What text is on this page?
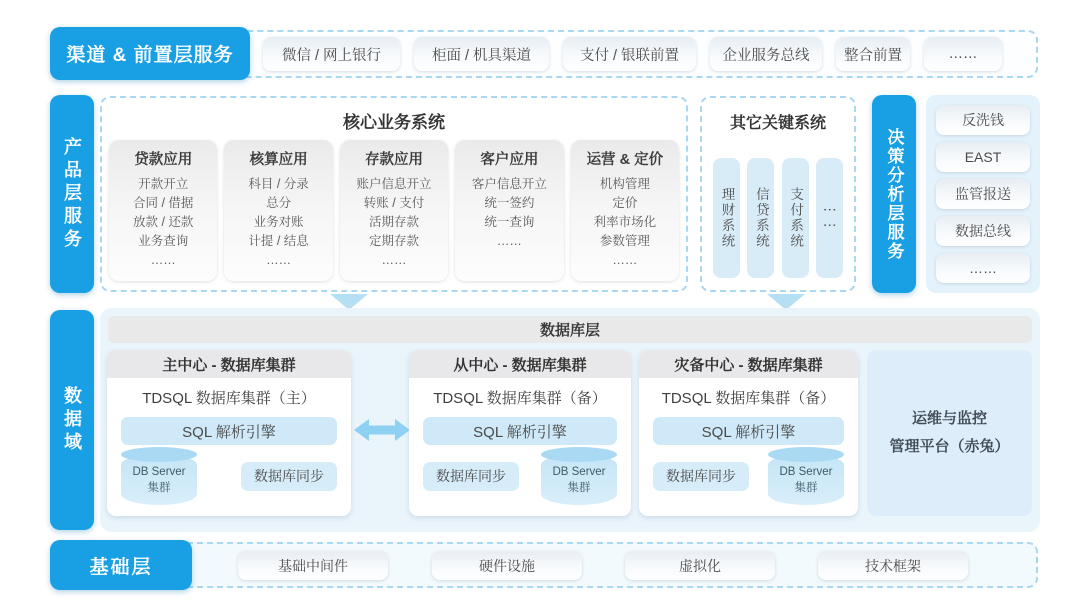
渠道 & 前置层服务	微信 / 网上银行	柜面 / 机具渠道	支付 / 银联前置	企业服务总线	整合前置	……
产品层服务
核心业务系统
贷款应用
开款开立
合同 / 借据
放款 / 还款
业务查询
……
核算应用
科目 / 分录
总分
业务对账
计提 / 结息
……
存款应用
账户信息开立
转账 / 支付
活期存款
定期存款
……
客户应用
客户信息开立
统一签约
统一查询
……
运营 & 定价
机构管理
定价
利率市场化
参数管理
……
其它关键系统
理财系统	信贷系统	支付系统	⋮⋮	决策分析层服务
反洗钱
EAST
监管报送
数据总线
……
数据域
数据库层
主中心 - 数据库集群
TDSQL 数据库集群（主）
SQL 解析引擎
DB Server
集群
数据库同步
从中心 - 数据库集群
TDSQL 数据库集群（备）
SQL 解析引擎
数据库同步	DB Server
集群
灾备中心 - 数据库集群
TDSQL 数据库集群（备）
SQL 解析引擎
数据库同步	DB Server
集群
运维与监控
管理平台（赤兔）
基础层	基础中间件	硬件设施	虚拟化	技术框架
